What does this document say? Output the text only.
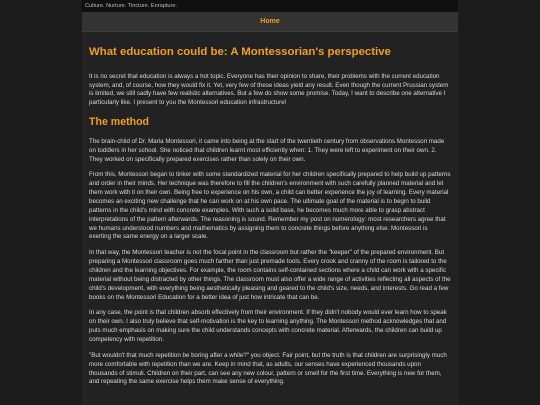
Culture. Nurture. Tincture. Enrapture.
Home
What education could be: A Montessorian's perspective

It is no secret that education is always a hot topic. Everyone has their opinion to share, their problems with the current education system, and, of course, how they would fix it. Yet, very few of these ideas yield any result. Even though the current Prussian system is limited, we still sadly have few realistic alternatives. But a few do show some promise. Today, I want to describe one alternative I particularly like. I present to you the Montessori education infrastructure!

The method

The brain-child of Dr. Maria Montessori, it came into being at the start of the twentieth century from observations Montessori made on toddlers in her school. She noticed that children learnt most efficiently when: 1. They were left to experiment on their own. 2. They worked on specifically prepared exercises rather than solely on their own.

From this, Montessori began to tinker with some standardized material for her children specifically prepared to help build up patterns and order in their minds. Her technique was therefore to fill the children's environment with such carefully planned material and let them work with it on their own. Being free to experience on his own, a child can better experience the joy of learning. Every material becomes an exciting new challenge that he can work on at his own pace. The ultimate goal of the material is to begin to build patterns in the child's mind with concrete examples. With such a solid base, he becomes much more able to grasp abstract interpretations of the pattern afterwards. The reasoning is sound. Remember my post on numerology: most researchers agree that we humans understood numbers and mathematics by assigning them to concrete things before anything else. Montessori is exerting the same energy on a larger scale.

In that way, the Montessori teacher is not the focal point in the classroom but rather the "keeper" of the prepared environment. But preparing a Montessori classroom goes much farther than just premade tools. Every crook and cranny of the room is tailored to the children and the learning objectives. For example, the room contains self-contained sections where a child can work with a specific material without being distracted by other things. The classroom must also offer a wide range of activities reflecting all aspects of the child's development, with everything being aesthetically pleasing and geared to the child's size, needs, and interests. Go read a few books on the Montessori Education for a better idea of just how intricate that can be.

In any case, the point is that children absorb effectively from their environment. If they didn't nobody would ever learn how to speak on their own. I also truly believe that self-motivation is the key to learning anything. The Montessori method acknowledges that and puts much emphasis on making sure the child understands concepts with concrete material. Afterwards, the children can build up competency with repetition.

"But wouldn't that much repetition be boring after a while?" you object. Fair point, but the truth is that children are surprisingly much more comfortable with repetition than we are. Keep in mind that, as adults, our senses have experienced thousands upon thousands of stimuli. Children on their part, can see any new colour, pattern or smell for the first time. Everything is new for them, and repeating the same exercise helps them make sense of everything.
